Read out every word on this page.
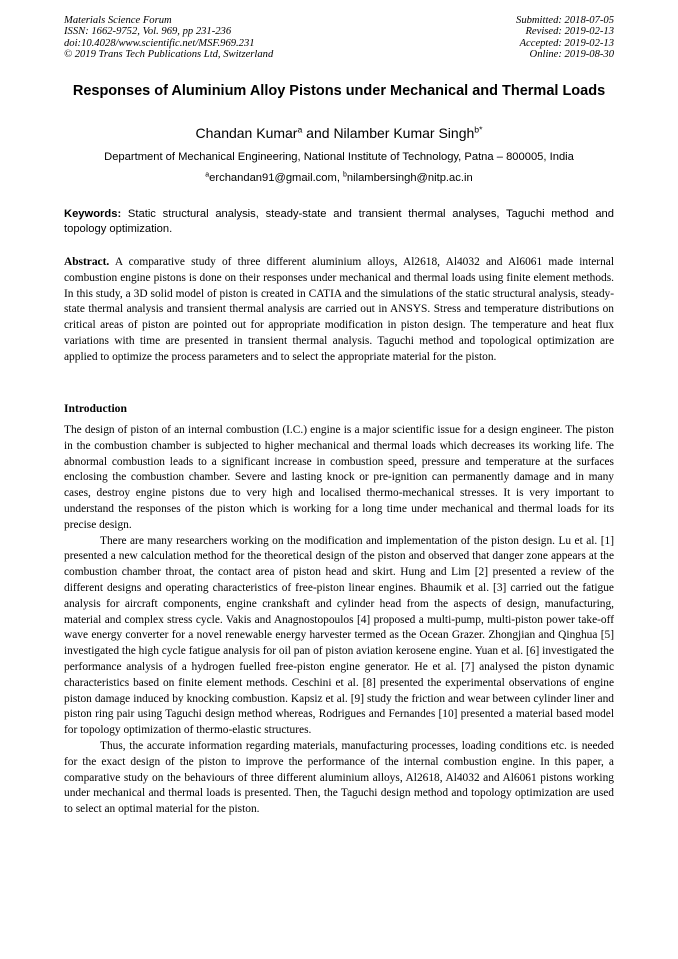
Materials Science Forum
ISSN: 1662-9752, Vol. 969, pp 231-236
doi:10.4028/www.scientific.net/MSF.969.231
© 2019 Trans Tech Publications Ltd, Switzerland
Submitted: 2018-07-05
Revised: 2019-02-13
Accepted: 2019-02-13
Online: 2019-08-30
Responses of Aluminium Alloy Pistons under Mechanical and Thermal Loads
Chandan Kumar$^a$ and Nilamber Kumar Singh$^{b*}$
Department of Mechanical Engineering, National Institute of Technology, Patna – 800005, India
$^a$erchandan91@gmail.com, $^b$nilambersingh@nitp.ac.in
Keywords: Static structural analysis, steady-state and transient thermal analyses, Taguchi method and topology optimization.
Abstract. A comparative study of three different aluminium alloys, Al2618, Al4032 and Al6061 made internal combustion engine pistons is done on their responses under mechanical and thermal loads using finite element methods. In this study, a 3D solid model of piston is created in CATIA and the simulations of the static structural analysis, steady-state thermal analysis and transient thermal analysis are carried out in ANSYS. Stress and temperature distributions on critical areas of piston are pointed out for appropriate modification in piston design. The temperature and heat flux variations with time are presented in transient thermal analysis. Taguchi method and topological optimization are applied to optimize the process parameters and to select the appropriate material for the piston.
Introduction

The design of piston of an internal combustion (I.C.) engine is a major scientific issue for a design engineer. The piston in the combustion chamber is subjected to higher mechanical and thermal loads which decreases its working life. The abnormal combustion leads to a significant increase in combustion speed, pressure and temperature at the surfaces enclosing the combustion chamber. Severe and lasting knock or pre-ignition can permanently damage and in many cases, destroy engine pistons due to very high and localised thermo-mechanical stresses. It is very important to understand the responses of the piston which is working for a long time under mechanical and thermal loads for its precise design.

There are many researchers working on the modification and implementation of the piston design. Lu et al. [1] presented a new calculation method for the theoretical design of the piston and observed that danger zone appears at the combustion chamber throat, the contact area of piston head and skirt. Hung and Lim [2] presented a review of the different designs and operating characteristics of free-piston linear engines. Bhaumik et al. [3] carried out the fatigue analysis for aircraft components, engine crankshaft and cylinder head from the aspects of design, manufacturing, material and complex stress cycle. Vakis and Anagnostopoulos [4] proposed a multi-pump, multi-piston power take-off wave energy converter for a novel renewable energy harvester termed as the Ocean Grazer. Zhongjian and Qinghua [5] investigated the high cycle fatigue analysis for oil pan of piston aviation kerosene engine. Yuan et al. [6] investigated the performance analysis of a hydrogen fuelled free-piston engine generator. He et al. [7] analysed the piston dynamic characteristics based on finite element methods. Ceschini et al. [8] presented the experimental observations of engine piston damage induced by knocking combustion. Kapsiz et al. [9] study the friction and wear between cylinder liner and piston ring pair using Taguchi design method whereas, Rodrigues and Fernandes [10] presented a material based model for topology optimization of thermo-elastic structures.

Thus, the accurate information regarding materials, manufacturing processes, loading conditions etc. is needed for the exact design of the piston to improve the performance of the internal combustion engine. In this paper, a comparative study on the behaviours of three different aluminium alloys, Al2618, Al4032 and Al6061 pistons working under mechanical and thermal loads is presented. Then, the Taguchi design method and topology optimization are used to select an optimal material for the piston.
